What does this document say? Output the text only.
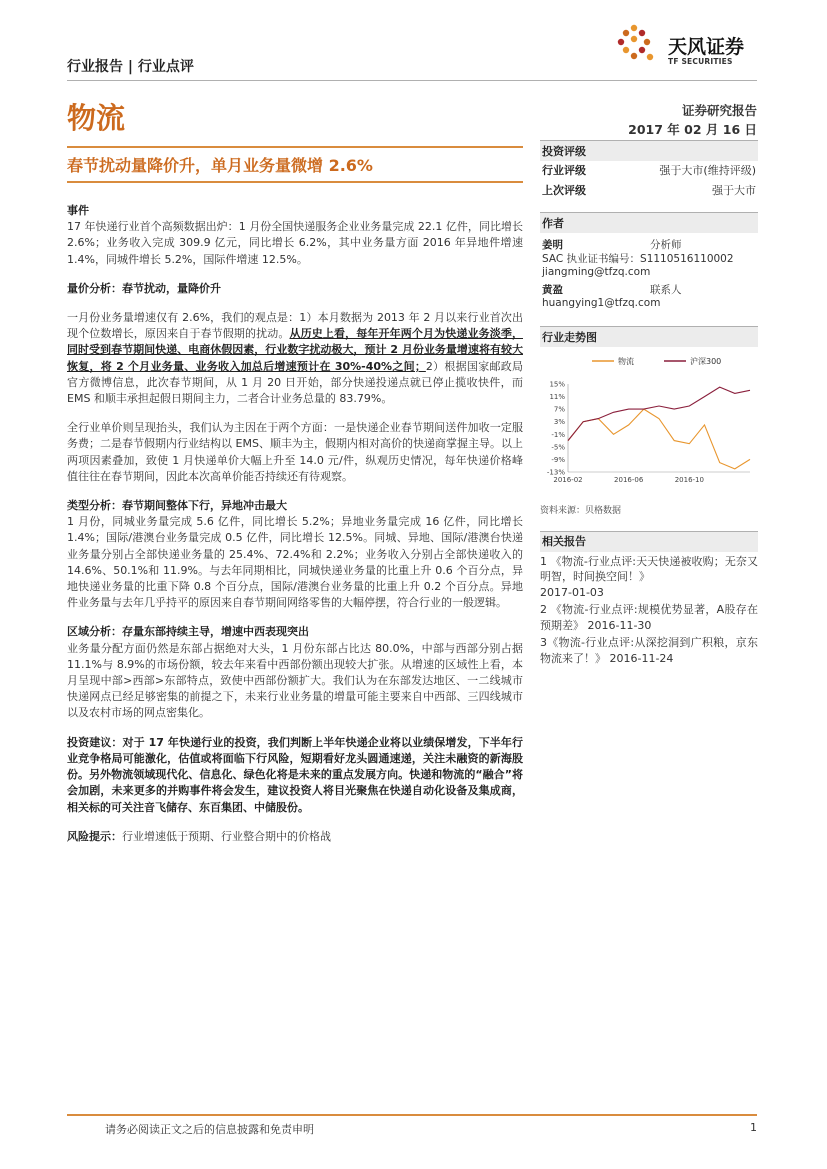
天风证券
TF SECURITIES
行业报告 | 行业点评
物流	证券研究报告
2017 年 02 月 16 日
春节扰动量降价升，单月业务量微增 2.6%
事件

17 年快递行业首个高频数据出炉：1 月份全国快递服务企业业务量完成 22.1 亿件，同比增长 2.6%；业务收入完成 309.9 亿元，同比增长 6.2%，其中业务量方面 2016 年异地件增速 1.4%，同城件增长 5.2%，国际件增速 12.5%。

量价分析：春节扰动，量降价升

一月份业务量增速仅有 2.6%，我们的观点是：1）本月数据为 2013 年 2 月以来行业首次出现个位数增长，原因来自于春节假期的扰动。从历史上看，每年开年两个月为快递业务淡季，同时受到春节期间快递、电商休假因素，行业数字扰动极大，预计 2 月份业务量增速将有较大恢复，将 2 个月业务量、业务收入加总后增速预计在 30%-40%之间；2）根据国家邮政局官方微博信息，此次春节期间，从 1 月 20 日开始，部分快递投递点就已停止揽收快件，而 EMS 和顺丰承担起假日期间主力，二者合计业务总量的 83.79%。

全行业单价则呈现抬头，我们认为主因在于两个方面：一是快递企业春节期间送件加收一定服务费；二是春节假期内行业结构以 EMS、顺丰为主，假期内相对高价的快递商掌握主导。以上两项因素叠加，致使 1 月快递单价大幅上升至 14.0 元/件，纵观历史情况，每年快递价格峰值往往在春节期间，因此本次高单价能否持续还有待观察。

类型分析：春节期间整体下行，异地冲击最大

1 月份，同城业务量完成 5.6 亿件，同比增长 5.2%；异地业务量完成 16 亿件，同比增长 1.4%；国际/港澳台业务量完成 0.5 亿件，同比增长 12.5%。同城、异地、国际/港澳台快递业务量分别占全部快递业务量的 25.4%、72.4%和 2.2%；业务收入分别占全部快递收入的 14.6%、50.1%和 11.9%。与去年同期相比，同城快递业务量的比重上升 0.6 个百分点，异地快递业务量的比重下降 0.8 个百分点，国际/港澳台业务量的比重上升 0.2 个百分点。异地件业务量与去年几乎持平的原因来自春节期间网络零售的大幅停摆，符合行业的一般逻辑。

区域分析：存量东部持续主导，增速中西表现突出

业务量分配方面仍然是东部占据绝对大头，1 月份东部占比达 80.0%，中部与西部分别占据 11.1%与 8.9%的市场份额，较去年来看中西部份额出现较大扩张。从增速的区域性上看，本月呈现中部>西部>东部特点，致使中西部份额扩大。我们认为在东部发达地区、一二线城市快递网点已经足够密集的前提之下，未来行业业务量的增量可能主要来自中西部、三四线城市以及农村市场的网点密集化。

投资建议：对于 17 年快递行业的投资，我们判断上半年快递企业将以业绩保增发，下半年行业竞争格局可能激化，估值或将面临下行风险，短期看好龙头圆通速递，关注未融资的新海股份。另外物流领域现代化、信息化、绿色化将是未来的重点发展方向。快递和物流的“融合”将会加剧，未来更多的并购事件将会发生，建议投资人将目光聚焦在快递自动化设备及集成商，相关标的可关注音飞储存、东百集团、中储股份。

风险提示：行业增速低于预期、行业整合期中的价格战

投资评级
行业评级	强于大市(维持评级)
上次评级	强于大市
作者
姜明	分析师
SAC 执业证书编号：S1110516110002
jiangming@tfzq.com
黄盈	联系人
huangying1@tfzq.com
行业走势图
15%
11%
7%
3%
-1%
-5%
-9%
-13%
2016-02	2016-06	2016-10
物流	沪深300
资料来源：贝格数据
相关报告
1 《物流-行业点评:天天快递被收购；无奈又明智，时间换空间！》
2017-01-03
2 《物流-行业点评:规模优势显著，A股存在预期差》 2016-11-30
3《物流-行业点评:从深挖洞到广积粮，京东物流来了！》 2016-11-24
请务必阅读正文之后的信息披露和免责申明	1
